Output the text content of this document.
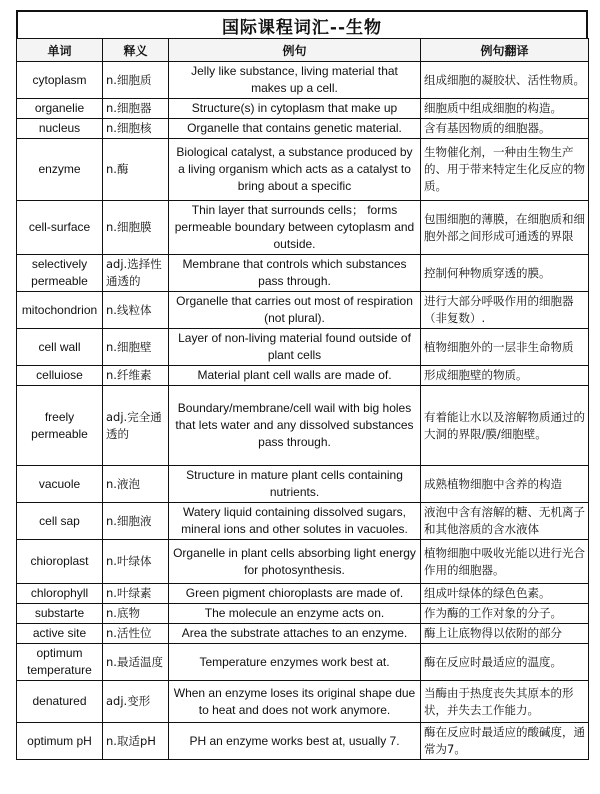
国际课程词汇--生物
单词	释义	例句	例句翻译
cytoplasm	n.细胞质	Jelly like substance, living material that makes up a cell.	组成细胞的凝胶状、活性物质。
organelie	n.细胞器	Structure(s) in cytoplasm that make up	细胞质中组成细胞的构造。
nucleus	n.细胞核	Organelle that contains genetic material.	含有基因物质的细胞器。
enzyme	n.酶	Biological catalyst, a substance produced by a living organism which acts as a catalyst to bring about a specific	生物催化剂，一种由生物生产的、用于带来特定生化反应的物质。
cell-surface	n.细胞膜	Thin layer that surrounds cells； forms permeable boundary between cytoplasm and outside.	包围细胞的薄膜，在细胞质和细胞外部之间形成可通透的界限
selectively permeable	adj.选择性通透的	Membrane that controls which substances pass through.	控制何种物质穿透的膜。
mitochondrion	n.线粒体	Organelle that carries out most of respiration (not plural).	进行大部分呼吸作用的细胞器（非复数）.
cell wall	n.细胞壁	Layer of non-living material found outside of plant cells	植物细胞外的一层非生命物质
celluiose	n.纤维素	Material plant cell walls are made of.	形成细胞壁的物质。
freely permeable	adj.完全通透的	Boundary/membrane/cell wail with big holes that lets water and any dissolved substances pass through.	有着能让水以及溶解物质通过的大洞的界限/膜/细胞壁。
vacuole	n.液泡	Structure in mature plant cells containing nutrients.	成熟植物细胞中含养的构造
cell sap	n.细胞液	Watery liquid containing dissolved sugars, mineral ions and other solutes in vacuoles.	液泡中含有溶解的糖、无机离子和其他溶质的含水液体
chioroplast	n.叶绿体	Organelle in plant cells absorbing light energy for photosynthesis.	植物细胞中吸收光能以进行光合作用的细胞器。
chlorophyll	n.叶绿素	Green pigment chioroplasts are made of.	组成叶绿体的绿色色素。
substarte	n.底物	The molecule an enzyme acts on.	作为酶的工作对象的分子。
active site	n.活性位	Area the substrate attaches to an enzyme.	酶上让底物得以依附的部分
optimum temperature	n.最适温度	Temperature enzymes work best at.	酶在反应时最适应的温度。
denatured	adj.变形	When an enzyme loses its original shape due to heat and does not work anymore.	当酶由于热度丧失其原本的形状，并失去工作能力。
optimum pH	n.取适pH	PH an enzyme works best at, usually 7.	酶在反应时最适应的酸碱度，通常为7。
